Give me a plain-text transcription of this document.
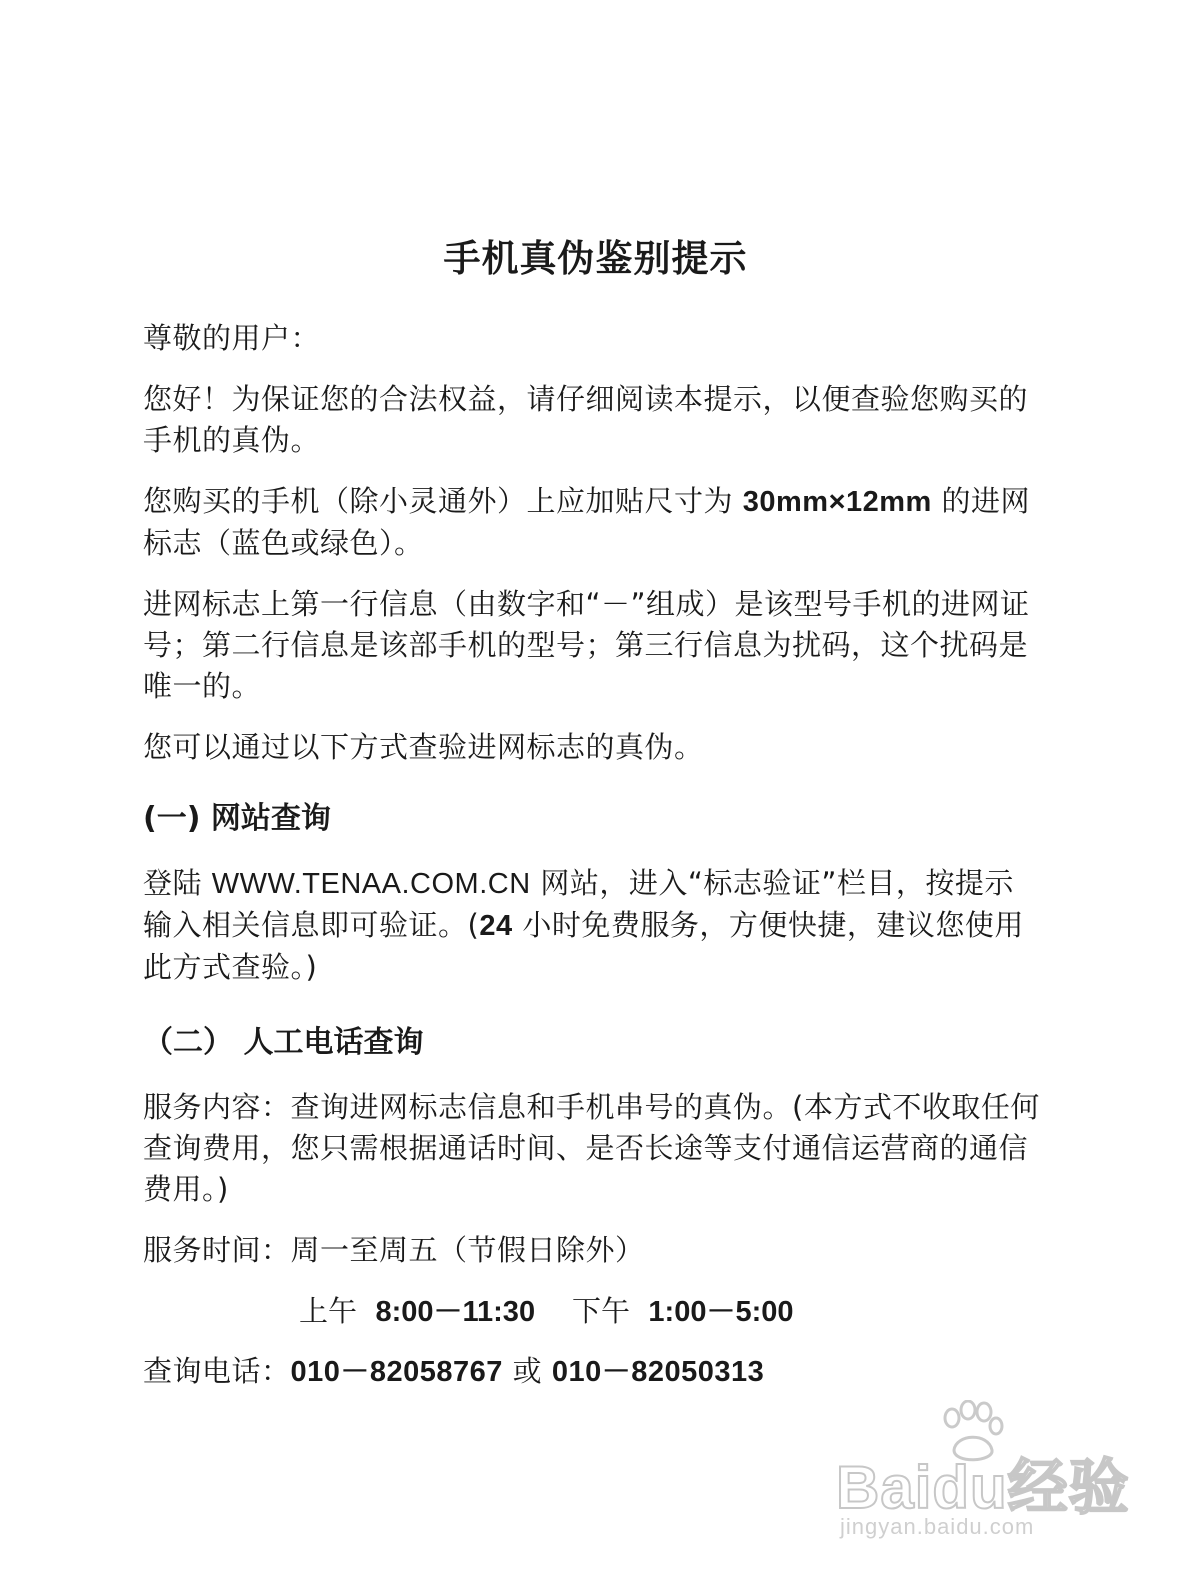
手机真伪鉴别提示

尊敬的用户：

您好！为保证您的合法权益，请仔细阅读本提示，以便查验您购买的手机的真伪。

您购买的手机（除小灵通外）上应加贴尺寸为 30mm×12mm 的进网标志（蓝色或绿色）。

进网标志上第一行信息（由数字和“－”组成）是该型号手机的进网证号；第二行信息是该部手机的型号；第三行信息为扰码，这个扰码是唯一的。

您可以通过以下方式查验进网标志的真伪。

(一) 网站查询

登陆 WWW.TENAA.COM.CN 网站，进入“标志验证”栏目，按提示输入相关信息即可验证。(24 小时免费服务，方便快捷，建议您使用此方式查验。)

（二） 人工电话查询

服务内容：查询进网标志信息和手机串号的真伪。(本方式不收取任何查询费用，您只需根据通话时间、是否长途等支付通信运营商的通信费用。)

服务时间：周一至周五（节假日除外）

上午 8:00－11:30 下午 1:00－5:00

查询电话：010－82058767 或 010－82050313

Baidu经验
jingyan.baidu.com
